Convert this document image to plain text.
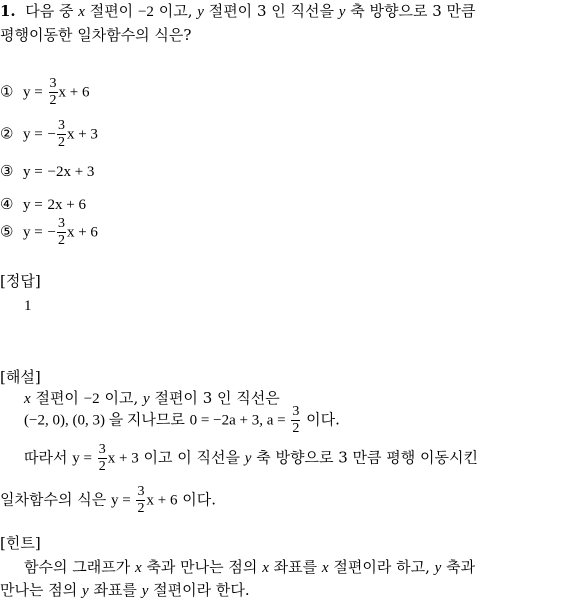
1. 다음 중 x 절편이 −2 이고, y 절편이 3 인 직선을 y 축 방향으로 3 만큼
평행이동한 일차함수의 식은?
① $y = \frac{3}{2}$ x + 6
② y = − $\frac{3}{2}$ x + 3
③ y = −2x + 3
④ y = 2x + 6
⑤ y = − $\frac{3}{2}$ x + 6
[정답]
1
[해설]
x 절편이 −2 이고, y 절편이 3 인 직선은
(−2, 0), (0, 3) 을 지나므로 0 = −2a + 3, $a = \frac{3}{2}$ 이다.
따라서 $y = \frac{3}{2}$ x + 3 이고 이 직선을 y 축 방향으로 3 만큼 평행 이동시킨
일차함수의 식은 $y = \frac{3}{2}$ x + 6 이다.
[힌트]
함수의 그래프가 x 축과 만나는 점의 x 좌표를 x 절편이라 하고, y 축과
만나는 점의 y 좌표를 y 절편이라 한다.
